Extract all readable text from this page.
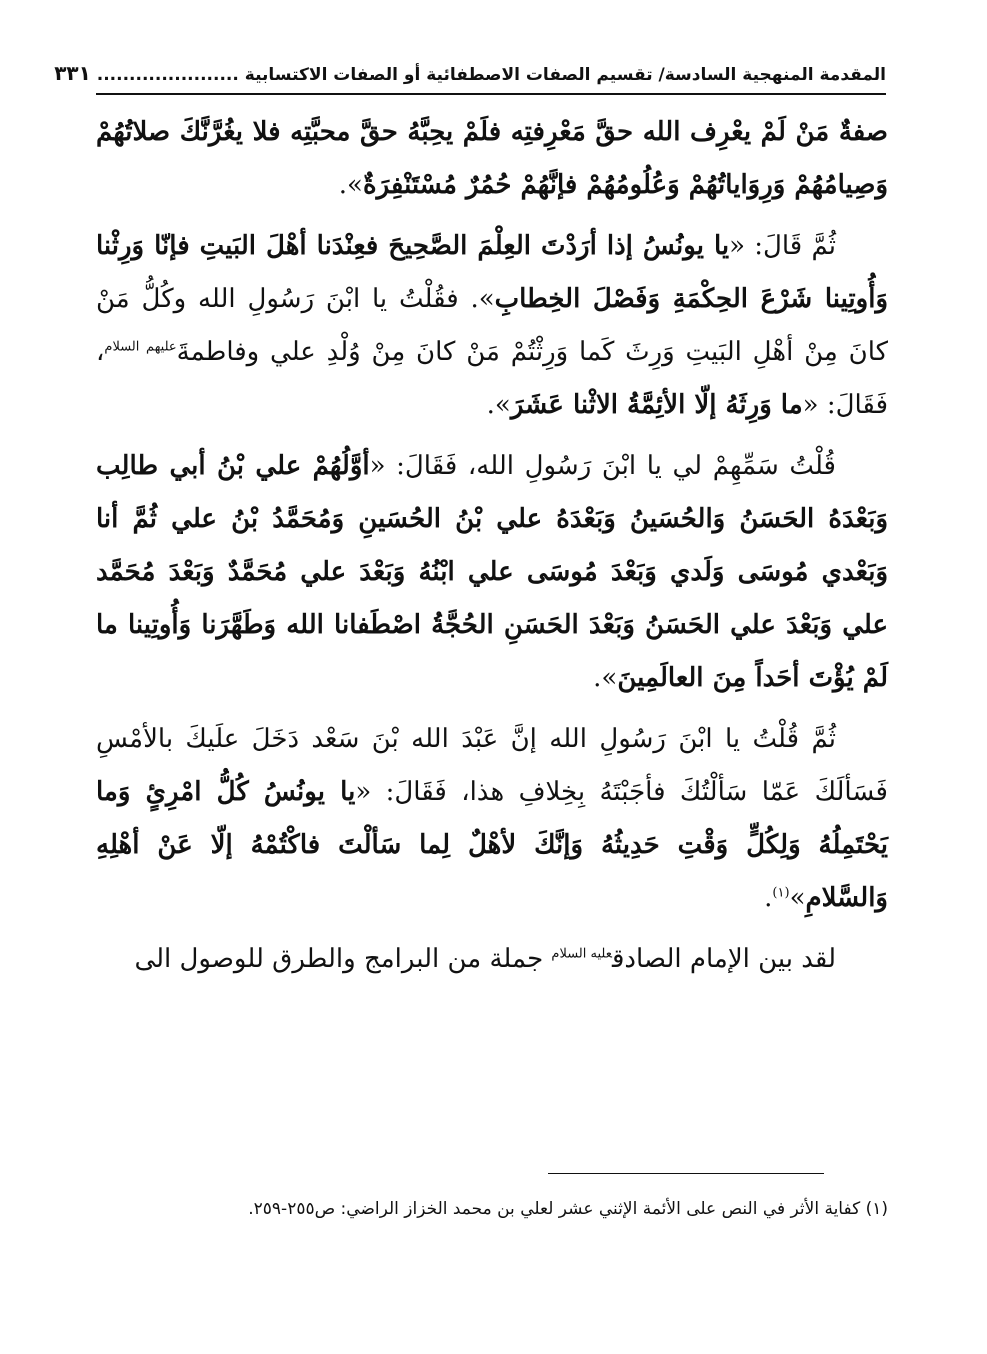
المقدمة المنهجية السادسة/ تقسيم الصفات الاصطفائية أو الصفات الاكتسابية ...................... ٣٣١

صفةٌ مَنْ لَمْ يعْرِف الله حقَّ مَعْرِفتِه فلَمْ يحِبَّهُ حقَّ محبَّتِه فلا يغُرَّنَّكَ صلاتُهُمْ وَصِيامُهُمْ وَرِوَاياتُهُمْ وَعُلُومُهُمْ فإنَّهُمْ حُمُرٌ مُسْتَنْفِرَةٌ».

ثُمَّ قَالَ: «يا يونُسُ إذا أرَدْتَ العِلْمَ الصَّحِيحَ فعِنْدَنا أهْلَ البَيتِ فإنّا وَرِثْنا وَأُوتِينا شَرْعَ الحِكْمَةِ وَفَصْلَ الخِطابِ». فقُلْتُ يا ابْنَ رَسُولِ الله وكُلُّ مَنْ كانَ مِنْ أهْلِ البَيتِ وَرِثَ كَما وَرِثْتُمْ مَنْ كانَ مِنْ وُلْدِ علي وفاطمةَ$^{عليهم السلام}$، فَقَالَ: «ما وَرِثَهُ إلّا الأئِمَّةُ الاثْنا عَشَرَ».

قُلْتُ سَمِّهِمْ لي يا ابْنَ رَسُولِ الله، فَقَالَ: «أوَّلُهُمْ علي بْنُ أبي طالِب وَبَعْدَهُ الحَسَنُ وَالحُسَينُ وَبَعْدَهُ علي بْنُ الحُسَينِ وَمُحَمَّدُ بْنُ علي ثُمَّ أنا وَبَعْدي مُوسَى وَلَدي وَبَعْدَ مُوسَى علي ابْنُهُ وَبَعْدَ علي مُحَمَّدٌ وَبَعْدَ مُحَمَّد علي وَبَعْدَ علي الحَسَنُ وَبَعْدَ الحَسَنِ الحُجَّةُ اصْطَفانا الله وَطَهَّرَنا وَأُوتِينا ما لَمْ يُؤْتَ أحَداً مِنَ العالَمِينَ».

ثُمَّ قُلْتُ يا ابْنَ رَسُولِ الله إنَّ عَبْدَ الله بْنَ سَعْد دَخَلَ علَيكَ بالأمْسِ فَسَألَكَ عَمّا سَألْتُكَ فأجَبْتَهُ بِخِلافِ هذا، فَقَالَ: «يا يونُسُ كُلُّ امْرِئٍ وَما يَحْتَمِلُهُ وَلِكُلٍّ وَقْتِ حَدِيثُهُ وَإنَّكَ لأهْلٌ لِما سَألْتَ فاكْتُمْهُ إلّا عَنْ أهْلِهِ وَالسَّلامِ»$^{(١)}$.

لقد بين الإمام الصادق$^{عليه السلام}$ جملة من البرامج والطرق للوصول الى

(١) كفاية الأثر في النص على الأئمة الإثني عشر لعلي بن محمد الخزاز الراضي: ص٢٥٥-٢٥٩.
